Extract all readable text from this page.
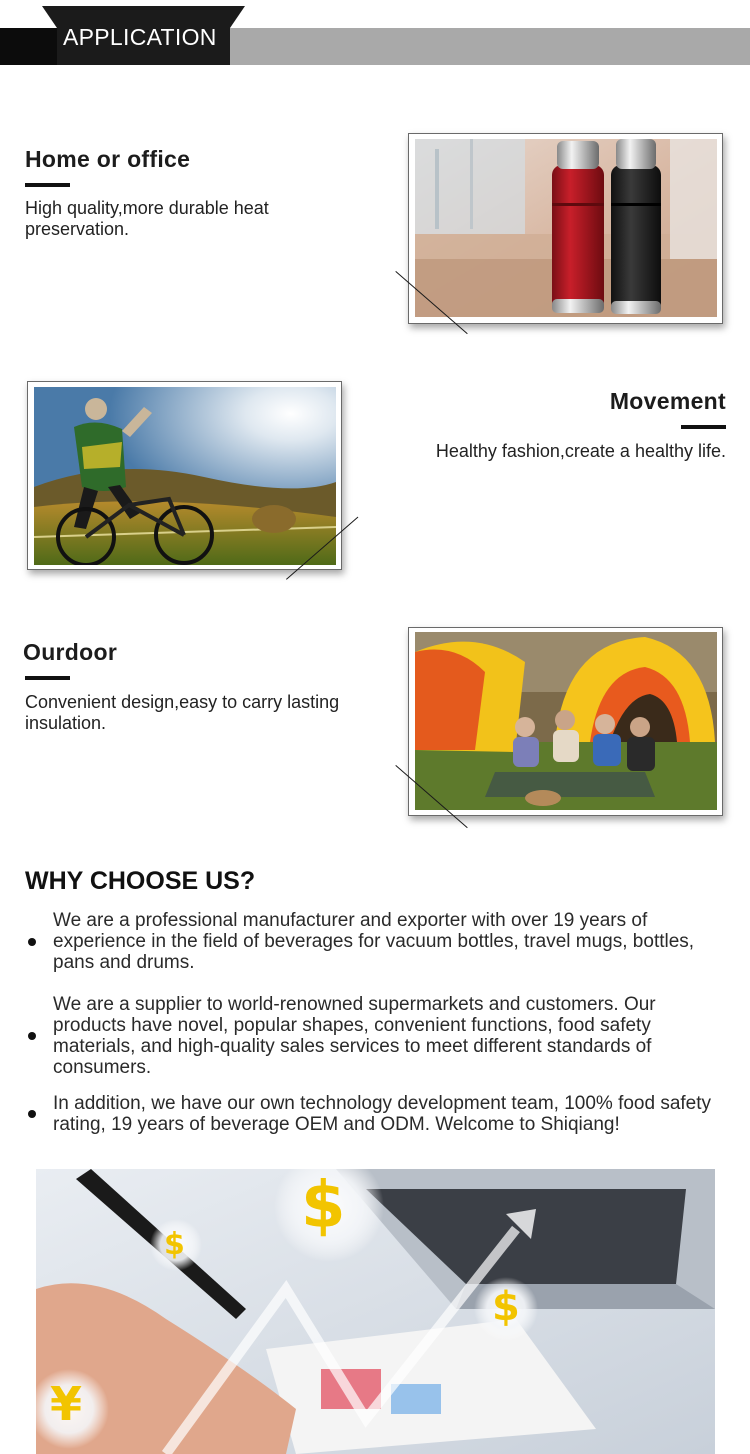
APPLICATION
Home or office
High quality,more durable heat preservation.
Movement
Healthy fashion,create a healthy life.
Ourdoor
Convenient design,easy to carry lasting insulation.
WHY CHOOSE US?
We are a professional manufacturer and exporter with over 19 years of experience in the field of beverages for vacuum bottles, travel mugs, bottles, pans and drums.
We are a supplier to world-renowned supermarkets and customers. Our products have novel, popular shapes, convenient functions, food safety materials, and high-quality sales services to meet different standards of consumers.
In addition, we have our own technology development team, 100% food safety rating, 19 years of beverage OEM and ODM. Welcome to Shiqiang!
$
$
$
¥
